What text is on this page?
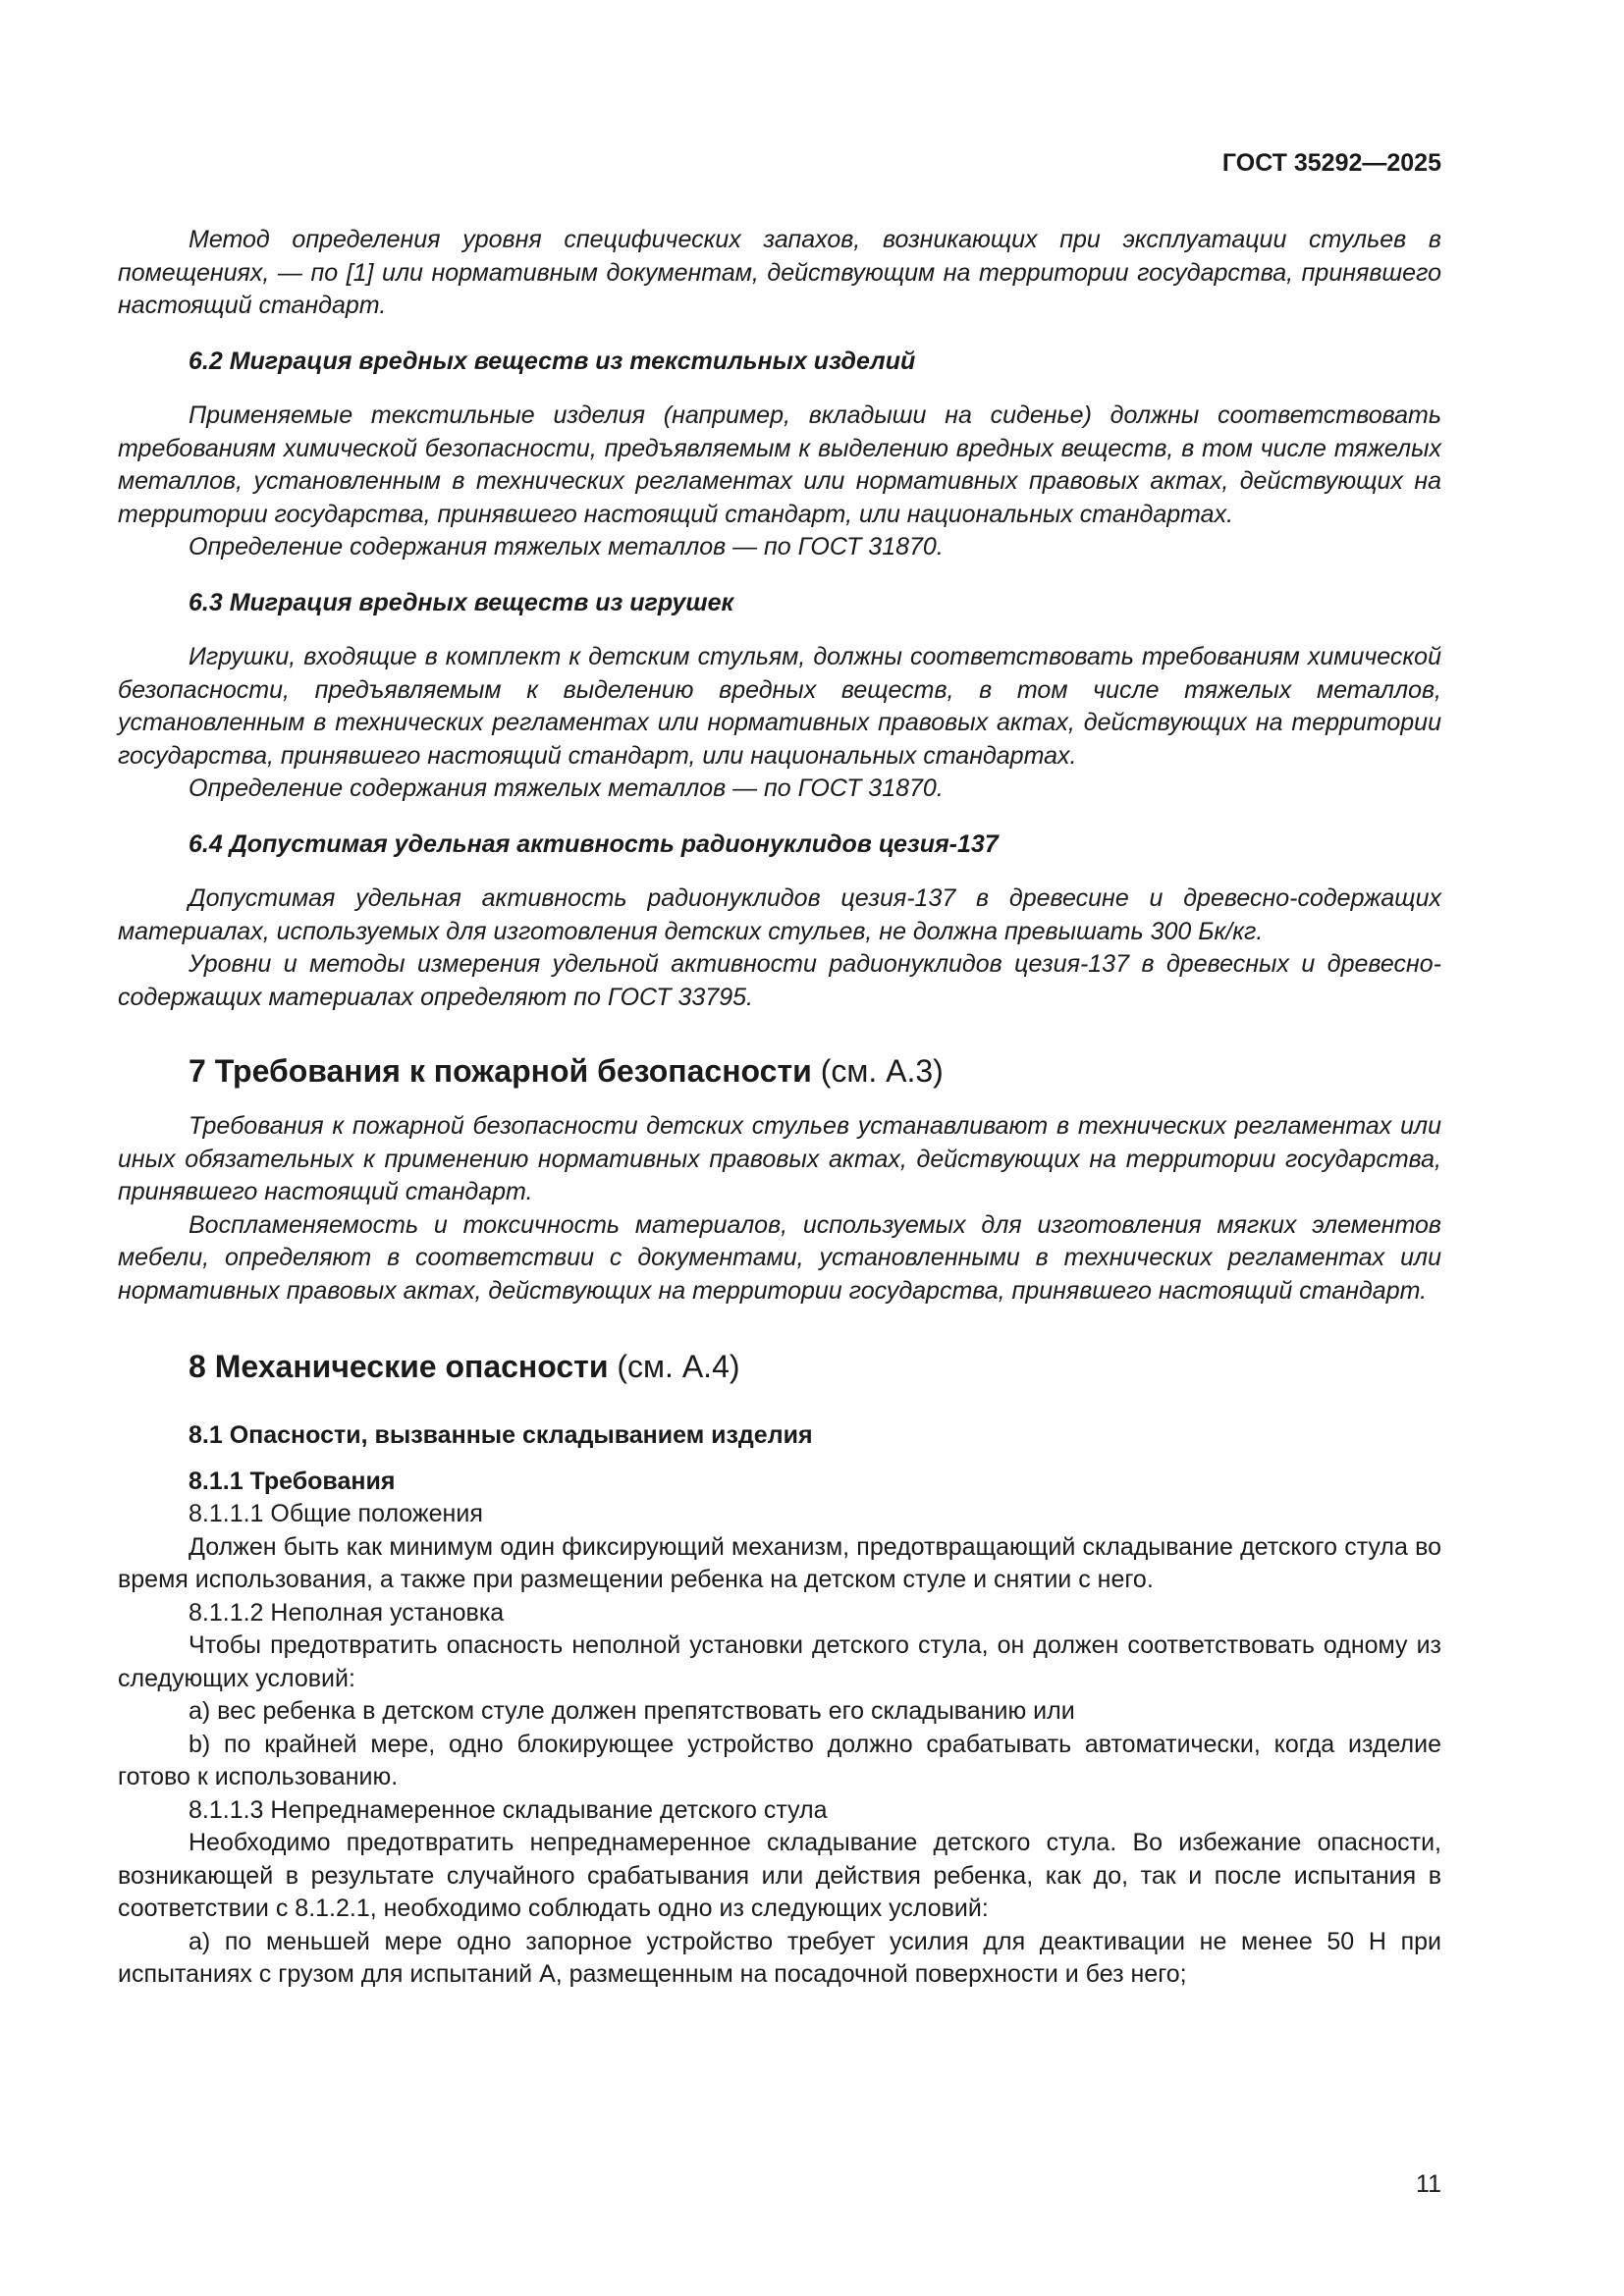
ГОСТ 35292—2025

Метод определения уровня специфических запахов, возникающих при эксплуатации стульев в помещениях, — по [1] или нормативным документам, действующим на территории государства, принявшего настоящий стандарт.

6.2 Миграция вредных веществ из текстильных изделий

Применяемые текстильные изделия (например, вкладыши на сиденье) должны соответствовать требованиям химической безопасности, предъявляемым к выделению вредных веществ, в том числе тяжелых металлов, установленным в технических регламентах или нормативных правовых актах, действующих на территории государства, принявшего настоящий стандарт, или национальных стандартах.

Определение содержания тяжелых металлов — по ГОСТ 31870.

6.3 Миграция вредных веществ из игрушек

Игрушки, входящие в комплект к детским стульям, должны соответствовать требованиям химической безопасности, предъявляемым к выделению вредных веществ, в том числе тяжелых металлов, установленным в технических регламентах или нормативных правовых актах, действующих на территории государства, принявшего настоящий стандарт, или национальных стандартах.

Определение содержания тяжелых металлов — по ГОСТ 31870.

6.4 Допустимая удельная активность радионуклидов цезия-137

Допустимая удельная активность радионуклидов цезия-137 в древесине и древесно-содержащих материалах, используемых для изготовления детских стульев, не должна превышать 300 Бк/кг.

Уровни и методы измерения удельной активности радионуклидов цезия-137 в древесных и древесно-содержащих материалах определяют по ГОСТ 33795.

7 Требования к пожарной безопасности (см. А.3)

Требования к пожарной безопасности детских стульев устанавливают в технических регламентах или иных обязательных к применению нормативных правовых актах, действующих на территории государства, принявшего настоящий стандарт.

Воспламеняемость и токсичность материалов, используемых для изготовления мягких элементов мебели, определяют в соответствии с документами, установленными в технических регламентах или нормативных правовых актах, действующих на территории государства, принявшего настоящий стандарт.

8 Механические опасности (см. А.4)

8.1 Опасности, вызванные складыванием изделия

8.1.1 Требования

8.1.1.1 Общие положения

Должен быть как минимум один фиксирующий механизм, предотвращающий складывание детского стула во время использования, а также при размещении ребенка на детском стуле и снятии с него.

8.1.1.2 Неполная установка

Чтобы предотвратить опасность неполной установки детского стула, он должен соответствовать одному из следующих условий:

а) вес ребенка в детском стуле должен препятствовать его складыванию или

b) по крайней мере, одно блокирующее устройство должно срабатывать автоматически, когда изделие готово к использованию.

8.1.1.3 Непреднамеренное складывание детского стула

Необходимо предотвратить непреднамеренное складывание детского стула. Во избежание опасности, возникающей в результате случайного срабатывания или действия ребенка, как до, так и после испытания в соответствии с 8.1.2.1, необходимо соблюдать одно из следующих условий:

а) по меньшей мере одно запорное устройство требует усилия для деактивации не менее 50 Н при испытаниях с грузом для испытаний А, размещенным на посадочной поверхности и без него;

11
